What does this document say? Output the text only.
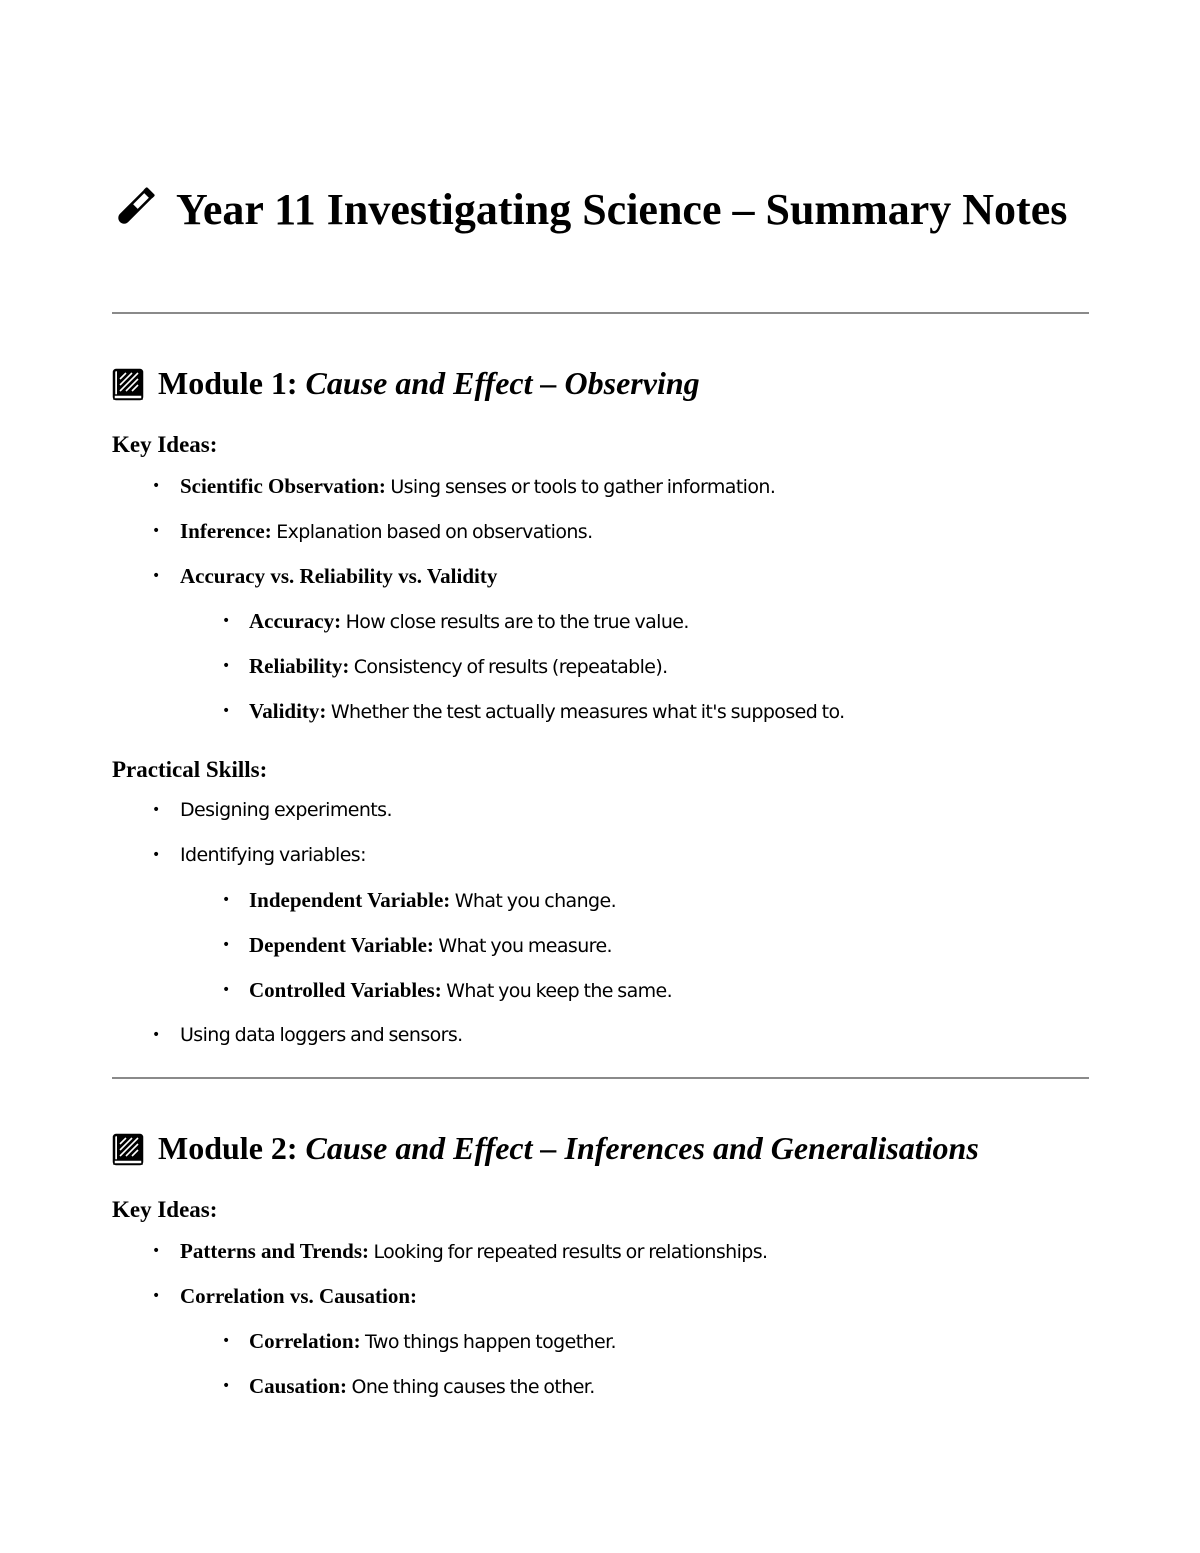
Year 11 Investigating Science – Summary Notes
Module 1: Cause and Effect – Observing
Key Ideas:
• Scientific Observation: Using senses or tools to gather information.
• Inference: Explanation based on observations.
• Accuracy vs. Reliability vs. Validity
• Accuracy: How close results are to the true value.
• Reliability: Consistency of results (repeatable).
• Validity: Whether the test actually measures what it's supposed to.
Practical Skills:
• Designing experiments.
• Identifying variables:
• Independent Variable: What you change.
• Dependent Variable: What you measure.
• Controlled Variables: What you keep the same.
• Using data loggers and sensors.
Module 2: Cause and Effect – Inferences and Generalisations
Key Ideas:
• Patterns and Trends: Looking for repeated results or relationships.
• Correlation vs. Causation:
• Correlation: Two things happen together.
• Causation: One thing causes the other.
